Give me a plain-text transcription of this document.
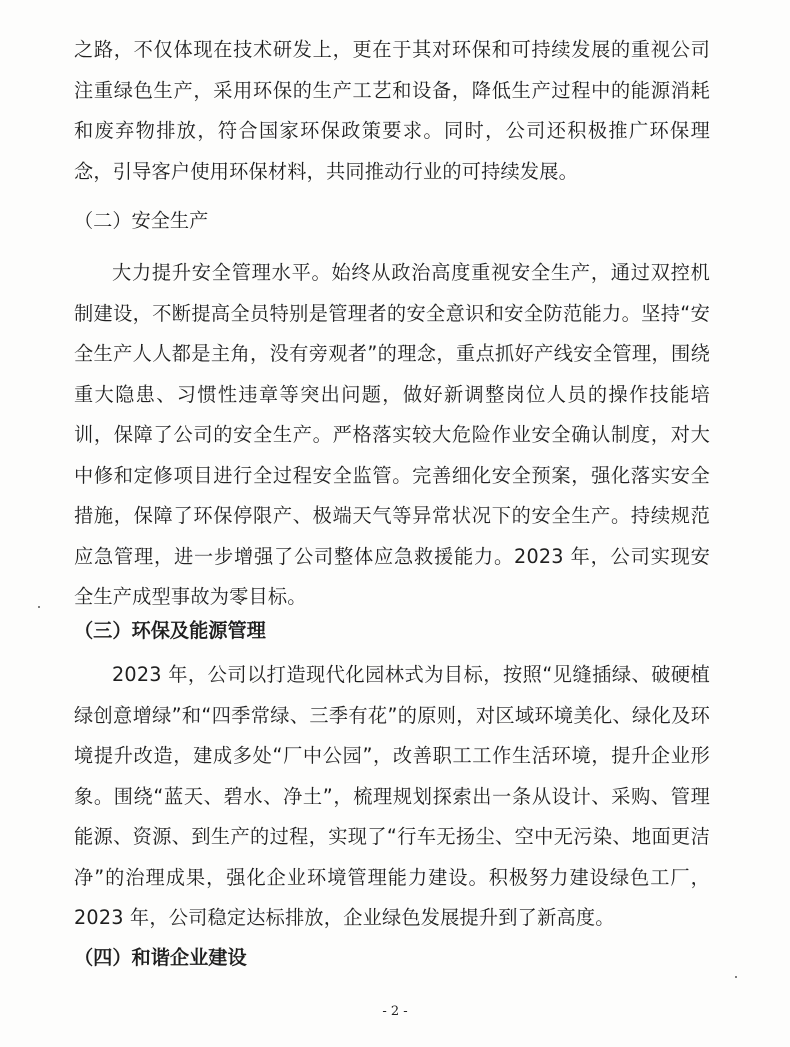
之路，不仅体现在技术研发上，更在于其对环保和可持续发展的重视公司注重绿色生产，采用环保的生产工艺和设备，降低生产过程中的能源消耗和废弃物排放，符合国家环保政策要求。同时，公司还积极推广环保理念，引导客户使用环保材料，共同推动行业的可持续发展。

（二）安全生产

大力提升安全管理水平。始终从政治高度重视安全生产，通过双控机制建设，不断提高全员特别是管理者的安全意识和安全防范能力。坚持“安全生产人人都是主角，没有旁观者”的理念，重点抓好产线安全管理，围绕重大隐患、习惯性违章等突出问题，做好新调整岗位人员的操作技能培训，保障了公司的安全生产。严格落实较大危险作业安全确认制度，对大中修和定修项目进行全过程安全监管。完善细化安全预案，强化落实安全措施，保障了环保停限产、极端天气等异常状况下的安全生产。持续规范应急管理，进一步增强了公司整体应急救援能力。2023 年，公司实现安全生产成型事故为零目标。

（三）环保及能源管理

2023 年，公司以打造现代化园林式为目标，按照“见缝插绿、破硬植绿创意增绿”和“四季常绿、三季有花”的原则，对区域环境美化、绿化及环境提升改造，建成多处“厂中公园”，改善职工工作生活环境，提升企业形象。围绕“蓝天、碧水、净土”，梳理规划探索出一条从设计、采购、管理能源、资源、到生产的过程，实现了“行车无扬尘、空中无污染、地面更洁净”的治理成果，强化企业环境管理能力建设。积极努力建设绿色工厂，2023 年，公司稳定达标排放，企业绿色发展提升到了新高度。

（四）和谐企业建设
- 2 -
